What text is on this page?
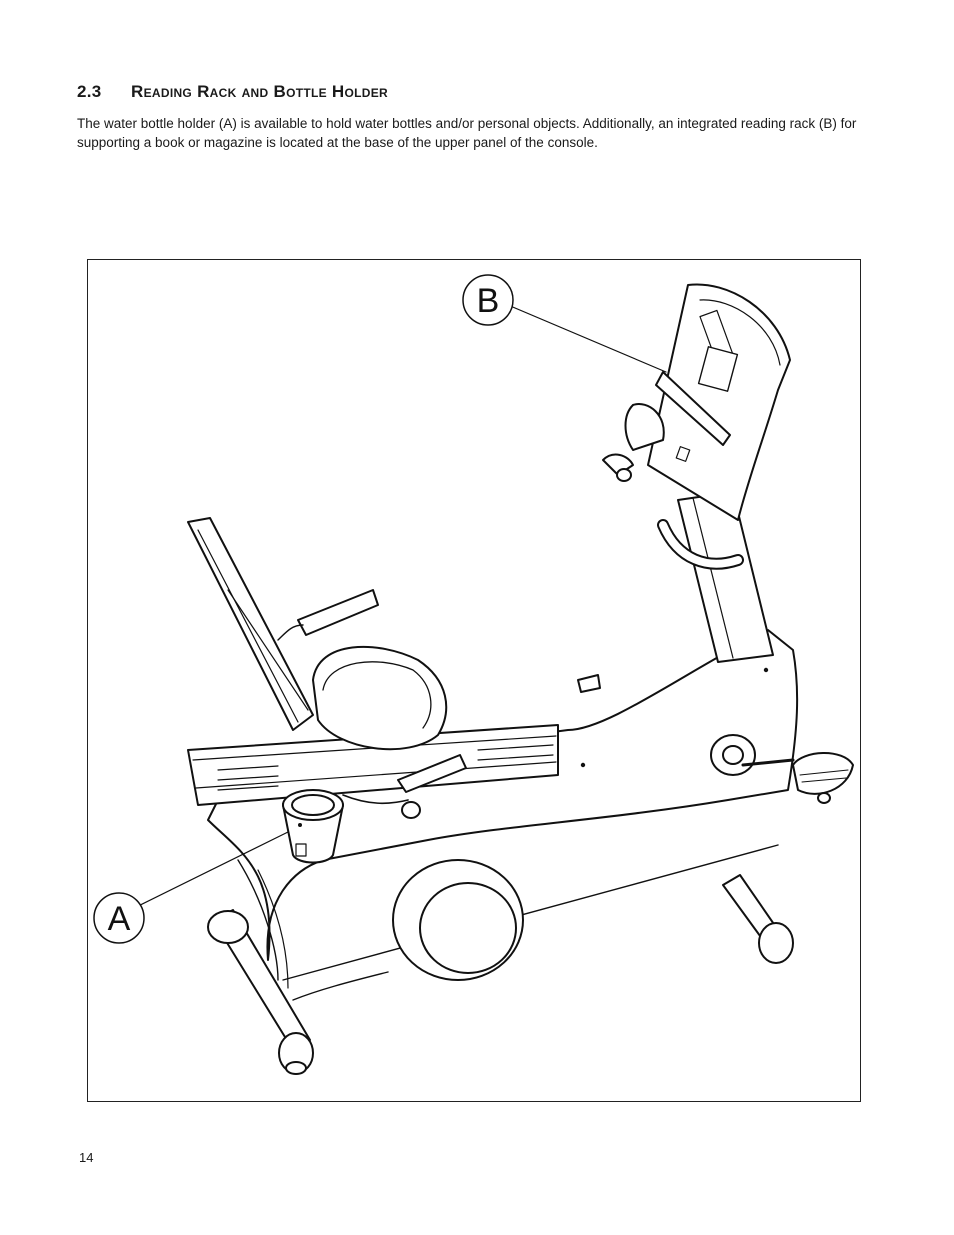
2.3 Reading Rack and Bottle Holder
The water bottle holder (A) is available to hold water bottles and/or personal objects. Additionally, an integrated reading rack (B) for supporting a book or magazine is located at the base of the upper panel of the console.
A
B
14
